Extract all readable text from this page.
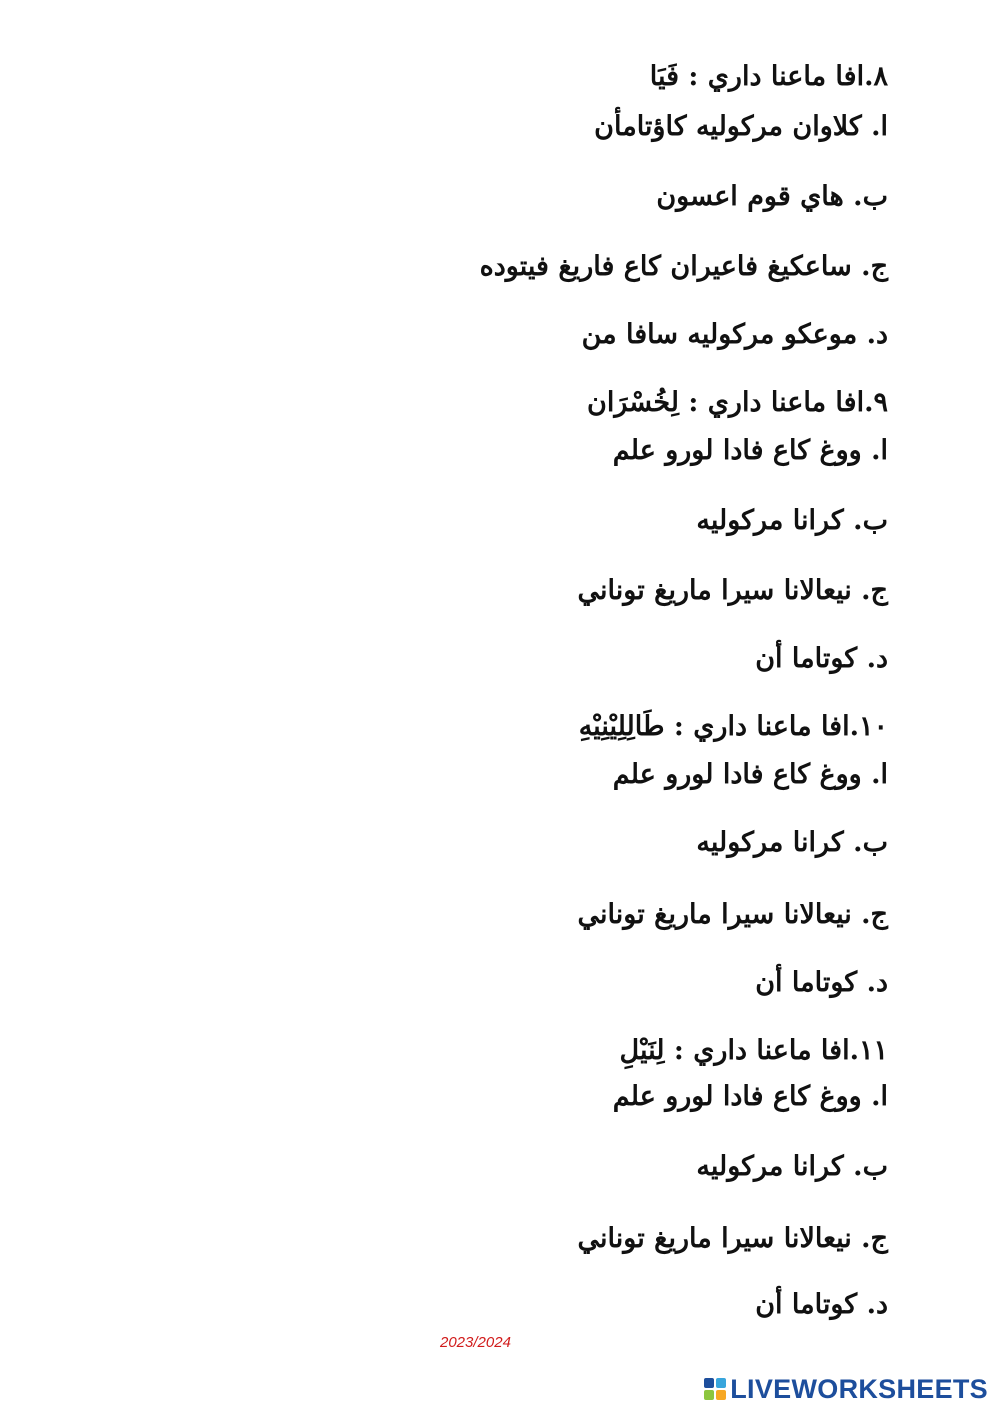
٨.افا ماعنا داري : فَيَا
ا. كلاوان مركوليه كاؤتامأن
ب. هاي قوم اعسون
ج. ساعكيغ فاعيران كاع فاريغ فيتوده
د. موعكو مركوليه سافا من
٩.افا ماعنا داري : لِخُسْرَان
ا. ووغ كاع فادا لورو علم
ب. كرانا مركوليه
ج. نيعالانا سيرا ماريغ توناني
د. كوتاما أن
١٠.افا ماعنا داري : طَالِلِيْنِيْهِ
ا. ووغ كاع فادا لورو علم
ب. كرانا مركوليه
ج. نيعالانا سيرا ماريغ توناني
د. كوتاما أن
١١.افا ماعنا داري : لِنَيْلِ
ا. ووغ كاع فادا لورو علم
ب. كرانا مركوليه
ج. نيعالانا سيرا ماريغ توناني
د. كوتاما أن
2023/2024
LIVEWORKSHEETS
